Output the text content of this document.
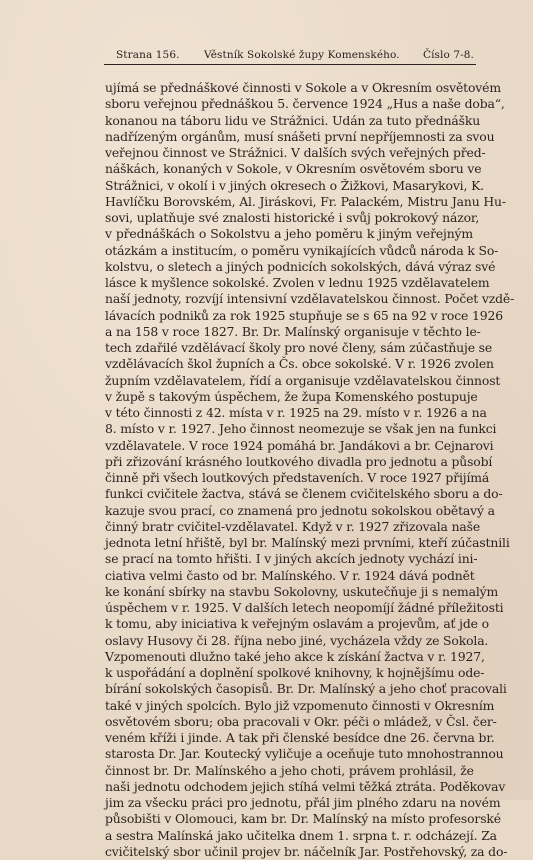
Strana 156. Věstník Sokolské župy Komenského. Číslo 7-8.
ujímá se přednáškové činnosti v Sokole a v Okresním osvětovém
sboru veřejnou přednáškou 5. července 1924 „Hus a naše doba“,
konanou na táboru lidu ve Strážnici. Udán za tuto přednášku
nadřízeným orgánům, musí snášeti první nepříjemnosti za svou
veřejnou činnost ve Strážnici. V dalších svých veřejných před-
náškách, konaných v Sokole, v Okresním osvětovém sboru ve
Strážnici, v okolí i v jiných okresech o Žižkovi, Masarykovi, K.
Havlíčku Borovském, Al. Jiráskovi, Fr. Palackém, Mistru Janu Hu-
sovi, uplatňuje své znalosti historické i svůj pokrokový názor,
v přednáškách o Sokolstvu a jeho poměru k jiným veřejným
otázkám a institucím, o poměru vynikajících vůdců národa k So-
kolstvu, o sletech a jiných podnicích sokolských, dává výraz své
lásce k myšlence sokolské. Zvolen v lednu 1925 vzdělavatelem
naší jednoty, rozvíjí intensivní vzdělavatelskou činnost. Počet vzdě-
lávacích podniků za rok 1925 stupňuje se s 65 na 92 v roce 1926
a na 158 v roce 1827. Br. Dr. Malínský organisuje v těchto le-
tech zdařilé vzdělávací školy pro nové členy, sám zúčastňuje se
vzdělávacích škol župních a Čs. obce sokolské. V r. 1926 zvolen
župním vzdělavatelem, řídí a organisuje vzdělavatelskou činnost
v župě s takovým úspěchem, že župa Komenského postupuje
v této činnosti z 42. místa v r. 1925 na 29. místo v r. 1926 a na
8. místo v r. 1927. Jeho činnost neomezuje se však jen na funkci
vzdělavatele. V roce 1924 pomáhá br. Jandákovi a br. Cejnarovi
při zřizování krásného loutkového divadla pro jednotu a působí
činně při všech loutkových představeních. V roce 1927 přijímá
funkci cvičitele žactva, stává se členem cvičitelského sboru a do-
kazuje svou prací, co znamená pro jednotu sokolskou obětavý a
činný bratr cvičitel-vzdělavatel. Když v r. 1927 zřizovala naše
jednota letní hřiště, byl br. Malínský mezi prvními, kteří zúčastnili
se prací na tomto hřišti. I v jiných akcích jednoty vychází ini-
ciativa velmi často od br. Malínského. V r. 1924 dává podnět
ke konání sbírky na stavbu Sokolovny, uskutečňuje ji s nemalým
úspěchem v r. 1925. V dalších letech neopomíjí žádné příležitosti
k tomu, aby iniciativa k veřejným oslavám a projevům, ať jde o
oslavy Husovy či 28. října nebo jiné, vycházela vždy ze Sokola.
Vzpomenouti dlužno také jeho akce k získání žactva v r. 1927,
k uspořádání a doplnění spolkové knihovny, k hojnějšímu ode-
bírání sokolských časopisů. Br. Dr. Malínský a jeho choť pracovali
také v jiných spolcích. Bylo již vzpomenuto činnosti v Okresním
osvětovém sboru; oba pracovali v Okr. péči o mládež, v Čsl. čer-
veném kříži i jinde. A tak při členské besídce dne 26. června br.
starosta Dr. Jar. Koutecký vyličuje a oceňuje tuto mnohostrannou
činnost br. Dr. Malínského a jeho choti, právem prohlásil, že
naši jednotu odchodem jejich stíhá velmi těžká ztráta. Poděkovav
jim za všecku práci pro jednotu, přál jim plného zdaru na novém
působišti v Olomouci, kam br. Dr. Malínský na místo profesorské
a sestra Malínská jako učitelka dnem 1. srpna t. r. odcházejí. Za
cvičitelský sbor učinil projev br. náčelník Jar. Postřehovský, za do-
